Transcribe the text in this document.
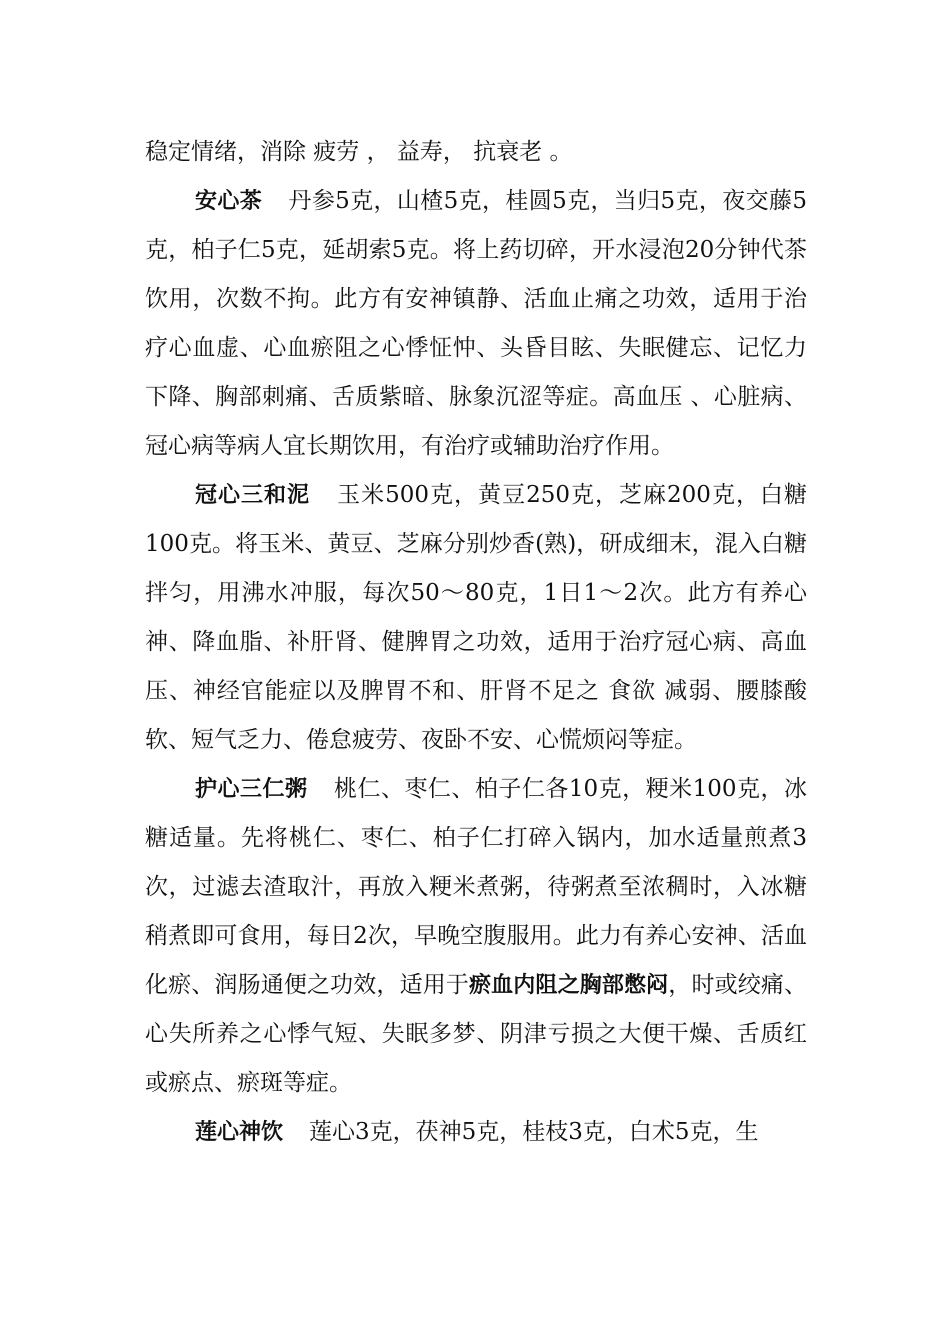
稳定情绪，消除 疲劳 ， 益寿， 抗衰老 。

安心茶 丹参5克，山楂5克，桂圆5克，当归5克，夜交藤5克，柏子仁5克，延胡索5克。将上药切碎，开水浸泡20分钟代茶饮用，次数不拘。此方有安神镇静、活血止痛之功效，适用于治疗心血虚、心血瘀阻之心悸怔忡、头昏目眩、失眠健忘、记忆力下降、胸部刺痛、舌质紫暗、脉象沉涩等症。高血压 、心脏病、冠心病等病人宜长期饮用，有治疗或辅助治疗作用。

冠心三和泥 玉米500克，黄豆250克，芝麻200克，白糖100克。将玉米、黄豆、芝麻分别炒香(熟)，研成细末，混入白糖拌匀，用沸水冲服，每次50～80克，1日1～2次。此方有养心神、降血脂、补肝肾、健脾胃之功效，适用于治疗冠心病、高血压、神经官能症以及脾胃不和、肝肾不足之 食欲 减弱、腰膝酸软、短气乏力、倦怠疲劳、夜卧不安、心慌烦闷等症。

护心三仁粥 桃仁、枣仁、柏子仁各10克，粳米100克，冰糖适量。先将桃仁、枣仁、柏子仁打碎入锅内，加水适量煎煮3次，过滤去渣取汁，再放入粳米煮粥，待粥煮至浓稠时，入冰糖稍煮即可食用，每日2次，早晚空腹服用。此力有养心安神、活血化瘀、润肠通便之功效，适用于瘀血内阻之胸部憋闷，时或绞痛、心失所养之心悸气短、失眠多梦、阴津亏损之大便干燥、舌质红或瘀点、瘀斑等症。

莲心神饮 莲心3克，茯神5克，桂枝3克，白术5克，生
